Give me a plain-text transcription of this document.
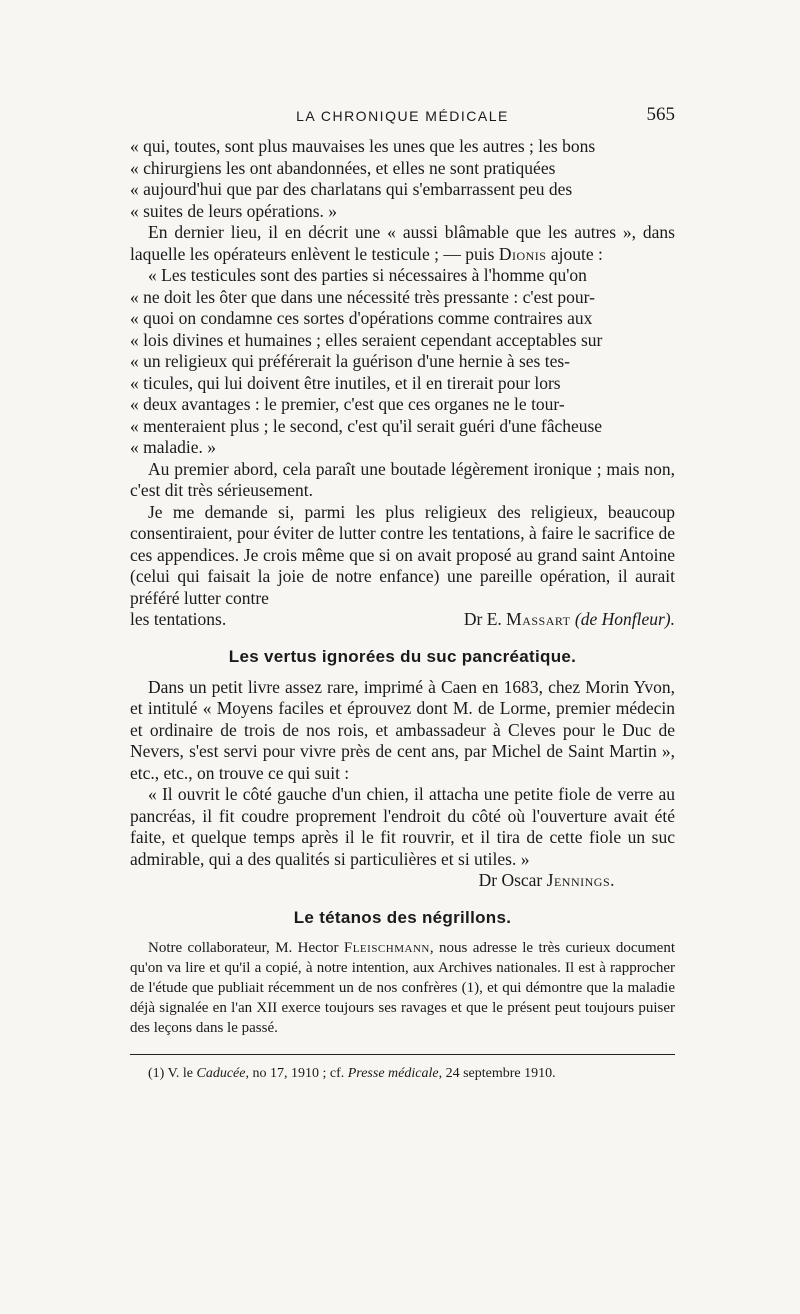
LA CHRONIQUE MÉDICALE	565

« qui, toutes, sont plus mauvaises les unes que les autres ; les bons

« chirurgiens les ont abandonnées, et elles ne sont pratiquées

« aujourd'hui que par des charlatans qui s'embarrassent peu des

« suites de leurs opérations. »

En dernier lieu, il en décrit une « aussi blâmable que les autres », dans laquelle les opérateurs enlèvent le testicule ; — puis Dionis ajoute :

« Les testicules sont des parties si nécessaires à l'homme qu'on

« ne doit les ôter que dans une nécessité très pressante : c'est pour-

« quoi on condamne ces sortes d'opérations comme contraires aux

« lois divines et humaines ; elles seraient cependant acceptables sur

« un religieux qui préférerait la guérison d'une hernie à ses tes-

« ticules, qui lui doivent être inutiles, et il en tirerait pour lors

« deux avantages : le premier, c'est que ces organes ne le tour-

« menteraient plus ; le second, c'est qu'il serait guéri d'une fâcheuse

« maladie. »

Au premier abord, cela paraît une boutade légèrement ironique ; mais non, c'est dit très sérieusement.

Je me demande si, parmi les plus religieux des religieux, beaucoup consentiraient, pour éviter de lutter contre les tentations, à faire le sacrifice de ces appendices. Je crois même que si on avait proposé au grand saint Antoine (celui qui faisait la joie de notre enfance) une pareille opération, il aurait préféré lutter contre

les tentations.	Dr E. Massart (de Honfleur).
Les vertus ignorées du suc pancréatique.

Dans un petit livre assez rare, imprimé à Caen en 1683, chez Morin Yvon, et intitulé « Moyens faciles et éprouvez dont M. de Lorme, premier médecin et ordinaire de trois de nos rois, et ambassadeur à Cleves pour le Duc de Nevers, s'est servi pour vivre près de cent ans, par Michel de Saint Martin », etc., etc., on trouve ce qui suit :

« Il ouvrit le côté gauche d'un chien, il attacha une petite fiole de verre au pancréas, il fit coudre proprement l'endroit du côté où l'ouverture avait été faite, et quelque temps après il le fit rouvrir, et il tira de cette fiole un suc admirable, qui a des qualités si particulières et si utiles. »

Dr Oscar Jennings.

Le tétanos des négrillons.

Notre collaborateur, M. Hector Fleischmann, nous adresse le très curieux document qu'on va lire et qu'il a copié, à notre intention, aux Archives nationales. Il est à rapprocher de l'étude que publiait récemment un de nos confrères (1), et qui démontre que la maladie déjà signalée en l'an XII exerce toujours ses ravages et que le présent peut toujours puiser des leçons dans le passé.

(1) V. le Caducée, no 17, 1910 ; cf. Presse médicale, 24 septembre 1910.
